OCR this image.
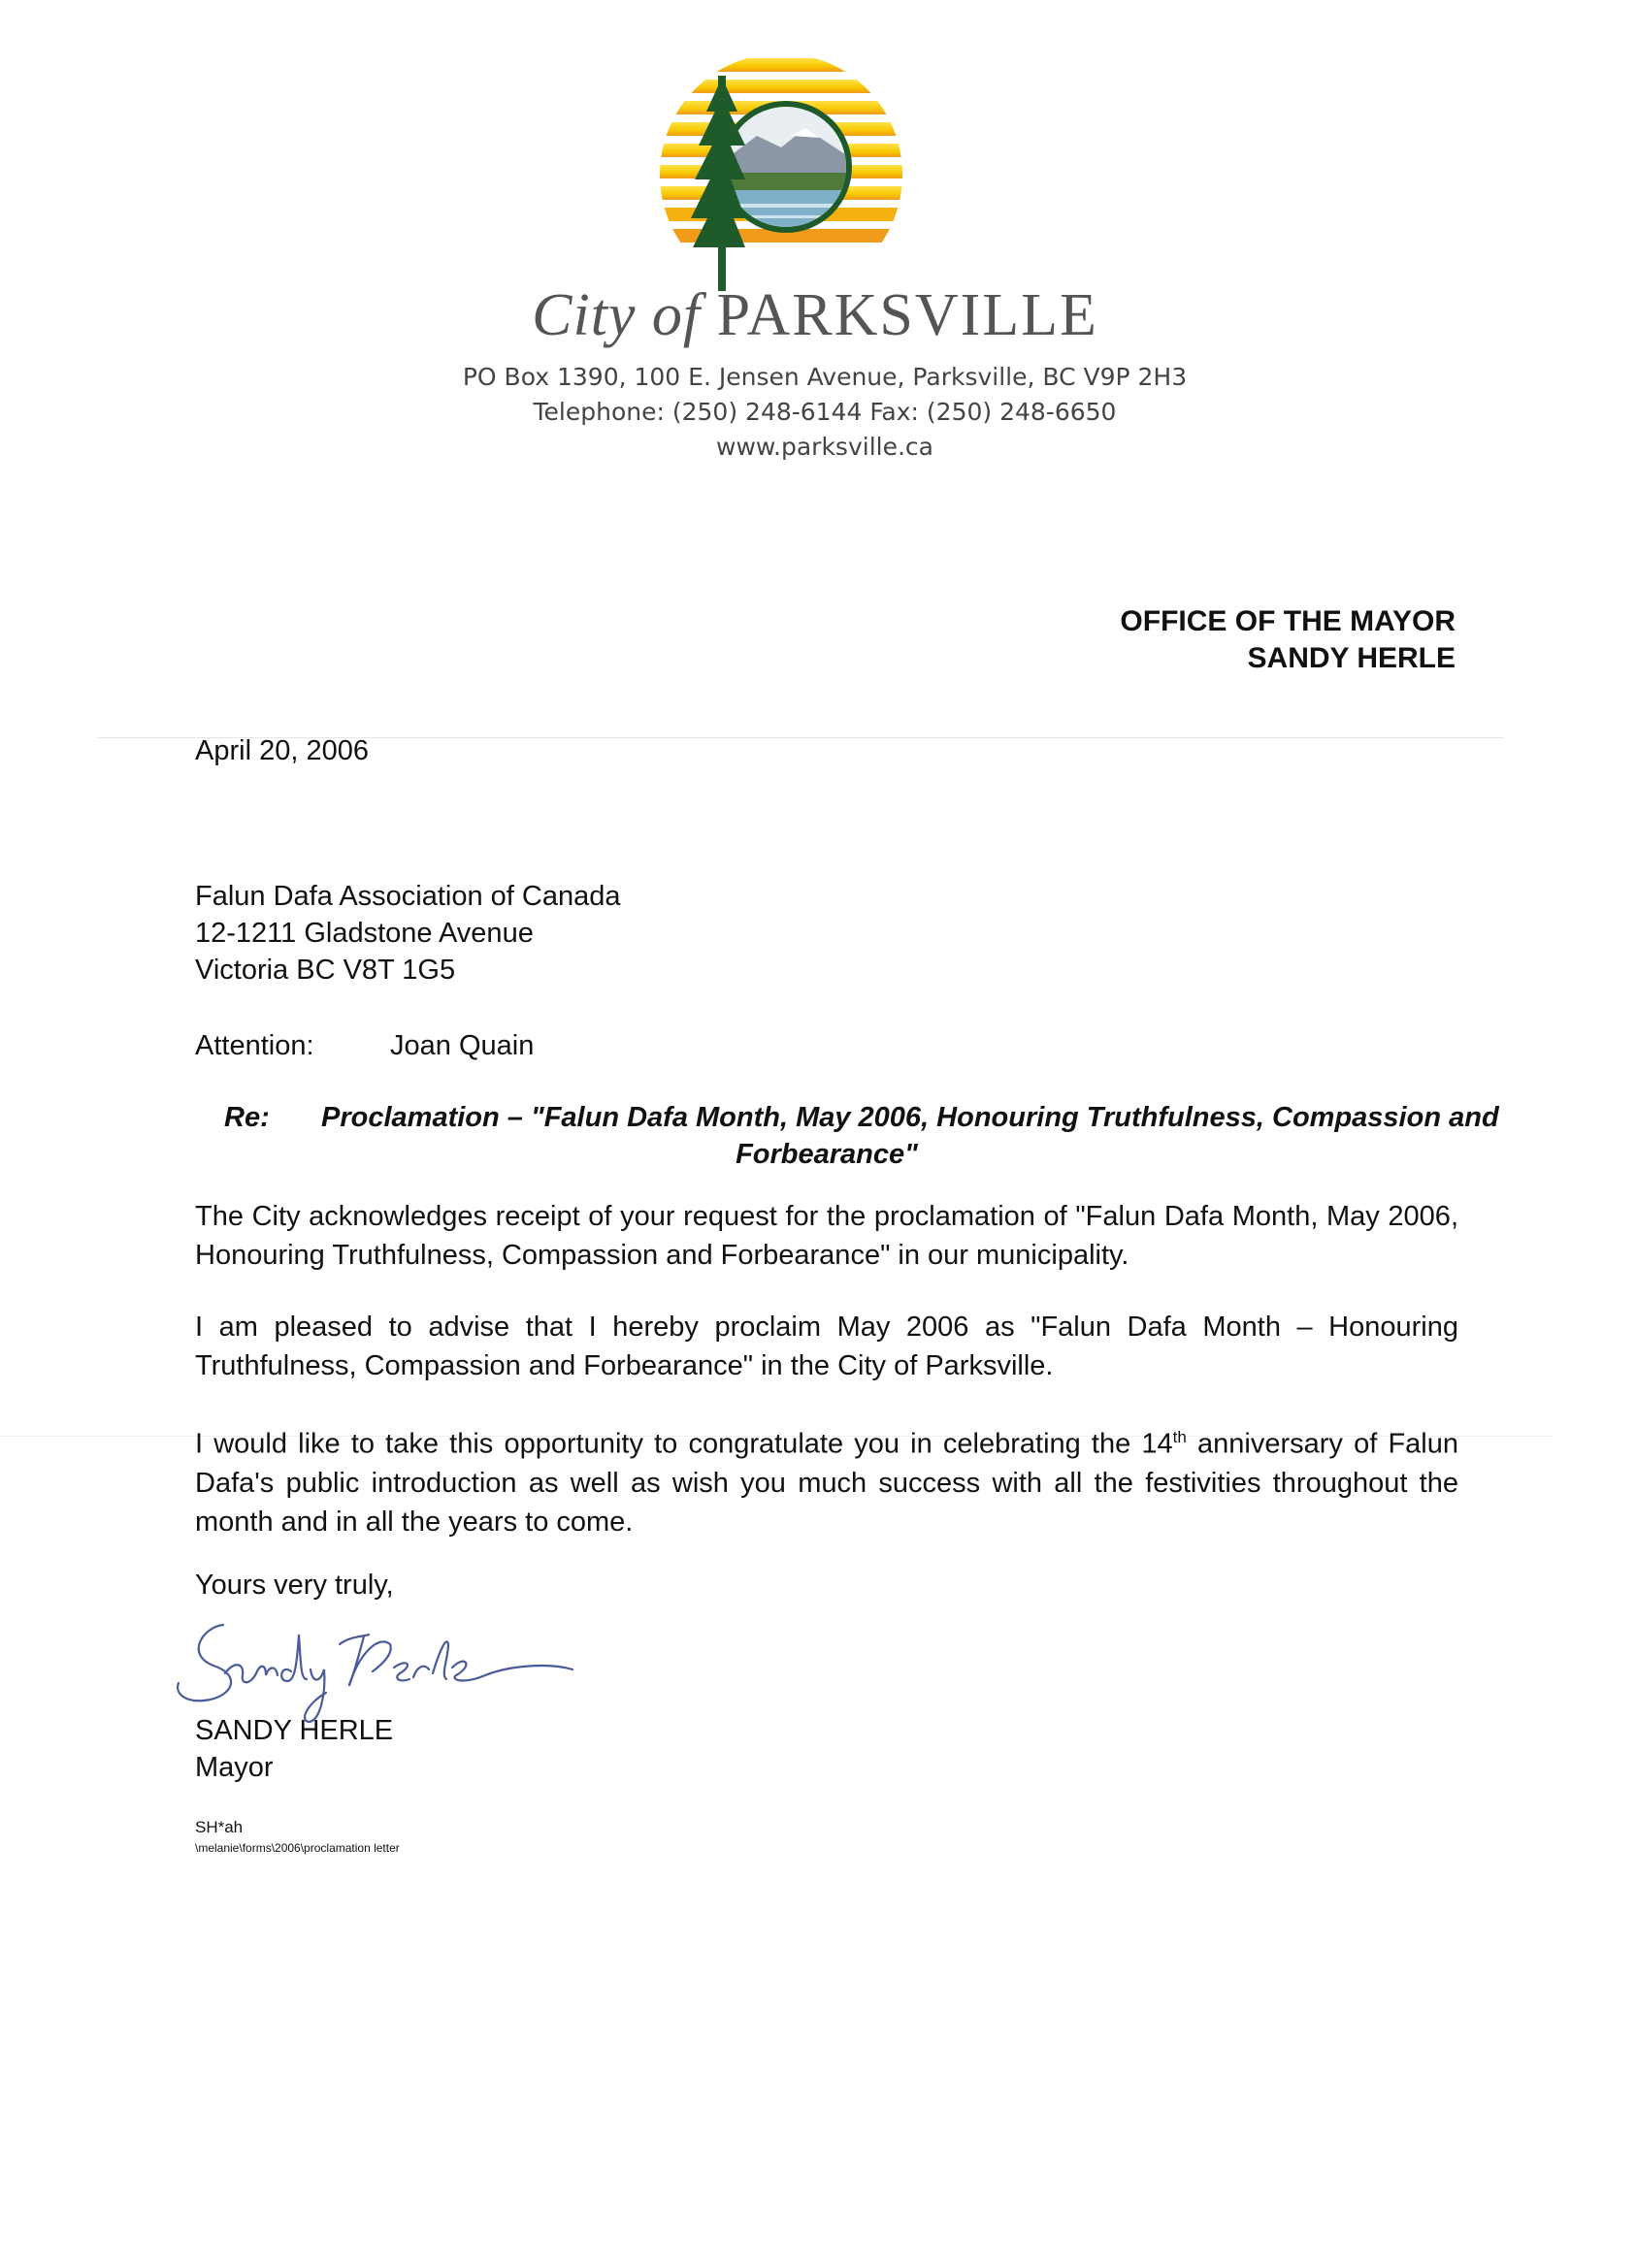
City of PARKSVILLE
PO Box 1390, 100 E. Jensen Avenue, Parksville, BC V9P 2H3
Telephone: (250) 248-6144 Fax: (250) 248-6650
www.parksville.ca
OFFICE OF THE MAYOR
SANDY HERLE
April 20, 2006
Falun Dafa Association of Canada
12-1211 Gladstone Avenue
Victoria BC V8T 1G5
Attention:	Joan Quain
Re: Proclamation – "Falun Dafa Month, May 2006, Honouring Truthfulness, Compassion and
Forbearance"
The City acknowledges receipt of your request for the proclamation of "Falun Dafa Month, May 2006, Honouring Truthfulness, Compassion and Forbearance" in our municipality.
I am pleased to advise that I hereby proclaim May 2006 as "Falun Dafa Month – Honouring Truthfulness, Compassion and Forbearance" in the City of Parksville.
I would like to take this opportunity to congratulate you in celebrating the 14th anniversary of Falun Dafa's public introduction as well as wish you much success with all the festivities throughout the month and in all the years to come.
Yours very truly,
SANDY HERLE
Mayor
SH*ah
\melanie\forms\2006\proclamation letter
